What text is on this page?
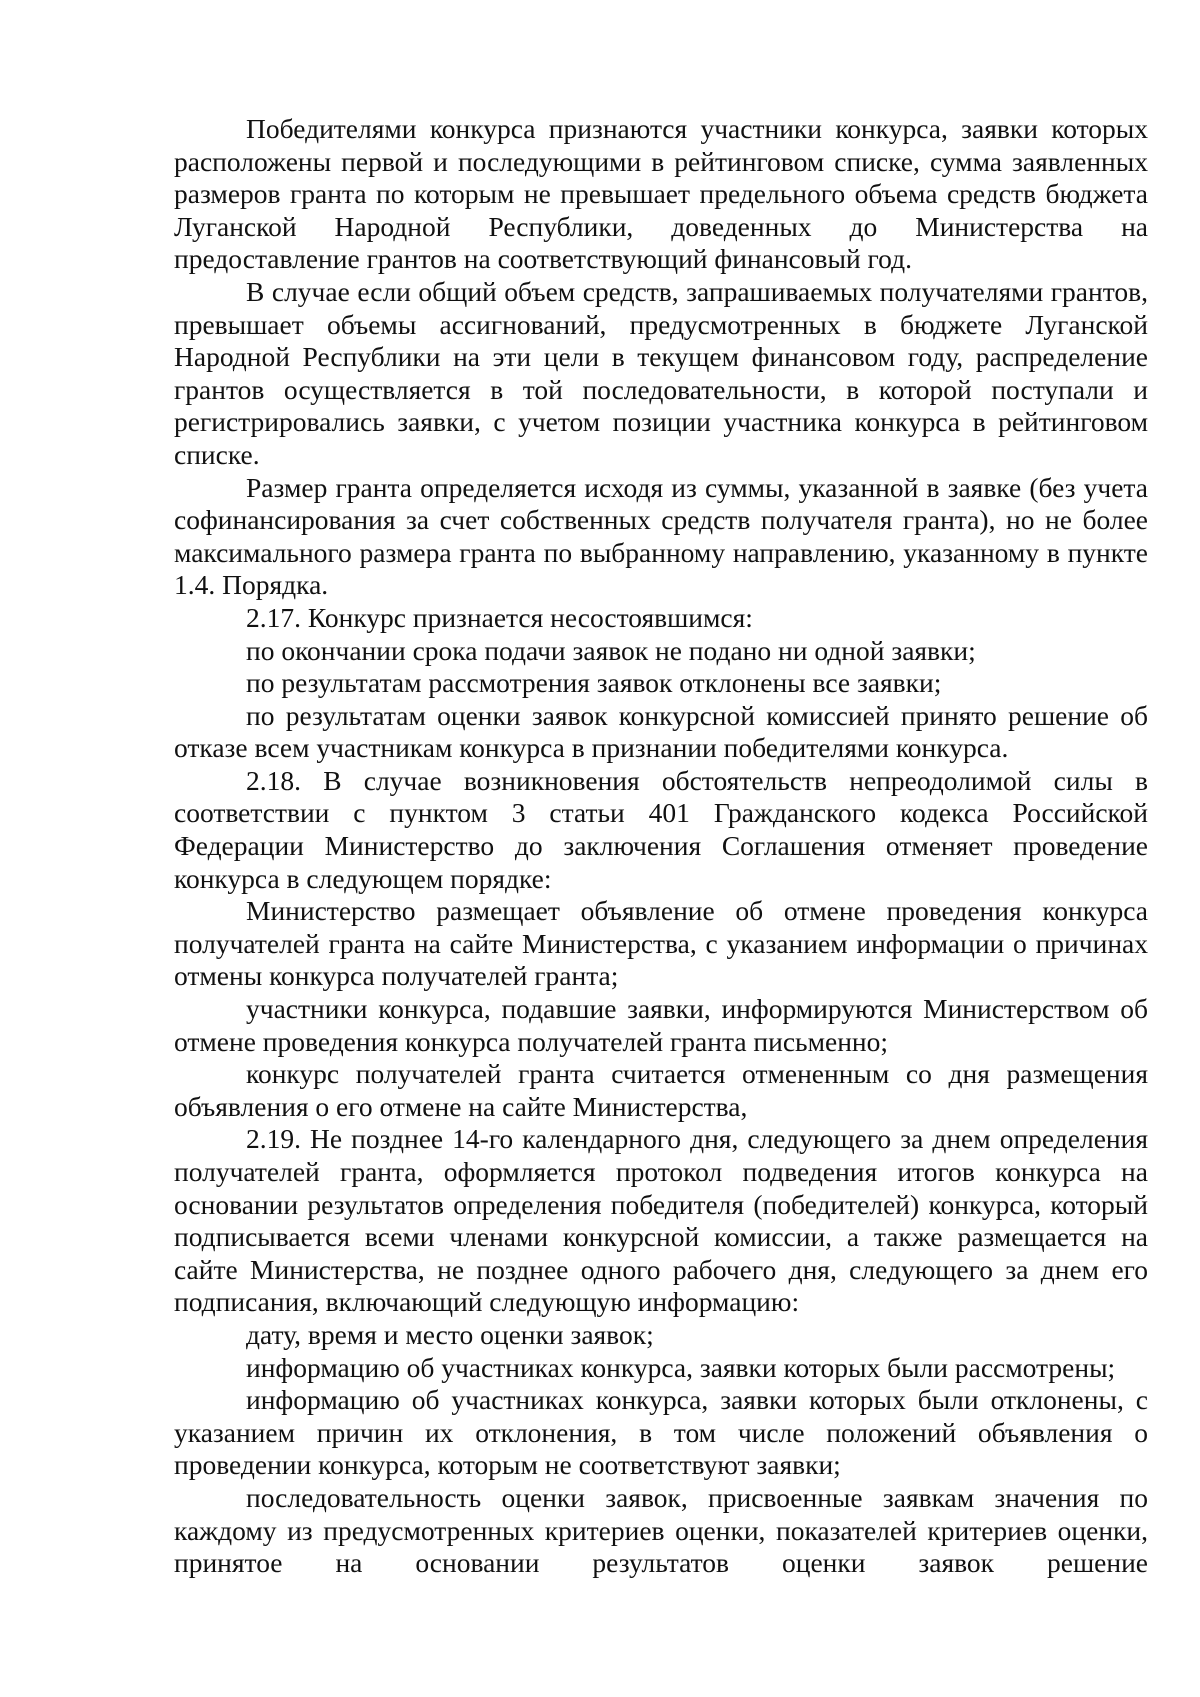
Победителями конкурса признаются участники конкурса, заявки которых расположены первой и последующими в рейтинговом списке, сумма заявленных размеров гранта по которым не превышает предельного объема средств бюджета Луганской Народной Республики, доведенных до Министерства на предоставление грантов на соответствующий финансовый год.

В случае если общий объем средств, запрашиваемых получателями грантов, превышает объемы ассигнований, предусмотренных в бюджете Луганской Народной Республики на эти цели в текущем финансовом году, распределение грантов осуществляется в той последовательности, в которой поступали и регистрировались заявки, с учетом позиции участника конкурса в рейтинговом списке.

Размер гранта определяется исходя из суммы, указанной в заявке (без учета софинансирования за счет собственных средств получателя гранта), но не более максимального размера гранта по выбранному направлению, указанному в пункте 1.4. Порядка.

2.17. Конкурс признается несостоявшимся:

по окончании срока подачи заявок не подано ни одной заявки;

по результатам рассмотрения заявок отклонены все заявки;

по результатам оценки заявок конкурсной комиссией принято решение об отказе всем участникам конкурса в признании победителями конкурса.

2.18. В случае возникновения обстоятельств непреодолимой силы в соответствии с пунктом 3 статьи 401 Гражданского кодекса Российской Федерации Министерство до заключения Соглашения отменяет проведение конкурса в следующем порядке:

Министерство размещает объявление об отмене проведения конкурса получателей гранта на сайте Министерства, с указанием информации о причинах отмены конкурса получателей гранта;

участники конкурса, подавшие заявки, информируются Министерством об отмене проведения конкурса получателей гранта письменно;

конкурс получателей гранта считается отмененным со дня размещения объявления о его отмене на сайте Министерства,

2.19. Не позднее 14-го календарного дня, следующего за днем определения получателей гранта, оформляется протокол подведения итогов конкурса на основании результатов определения победителя (победителей) конкурса, который подписывается всеми членами конкурсной комиссии, а также размещается на сайте Министерства, не позднее одного рабочего дня, следующего за днем его подписания, включающий следующую информацию:

дату, время и место оценки заявок;

информацию об участниках конкурса, заявки которых были рассмотрены;

информацию об участниках конкурса, заявки которых были отклонены, с указанием причин их отклонения, в том числе положений объявления о проведении конкурса, которым не соответствуют заявки;

последовательность оценки заявок, присвоенные заявкам значения по каждому из предусмотренных критериев оценки, показателей критериев оценки, принятое на основании результатов оценки заявок решение
